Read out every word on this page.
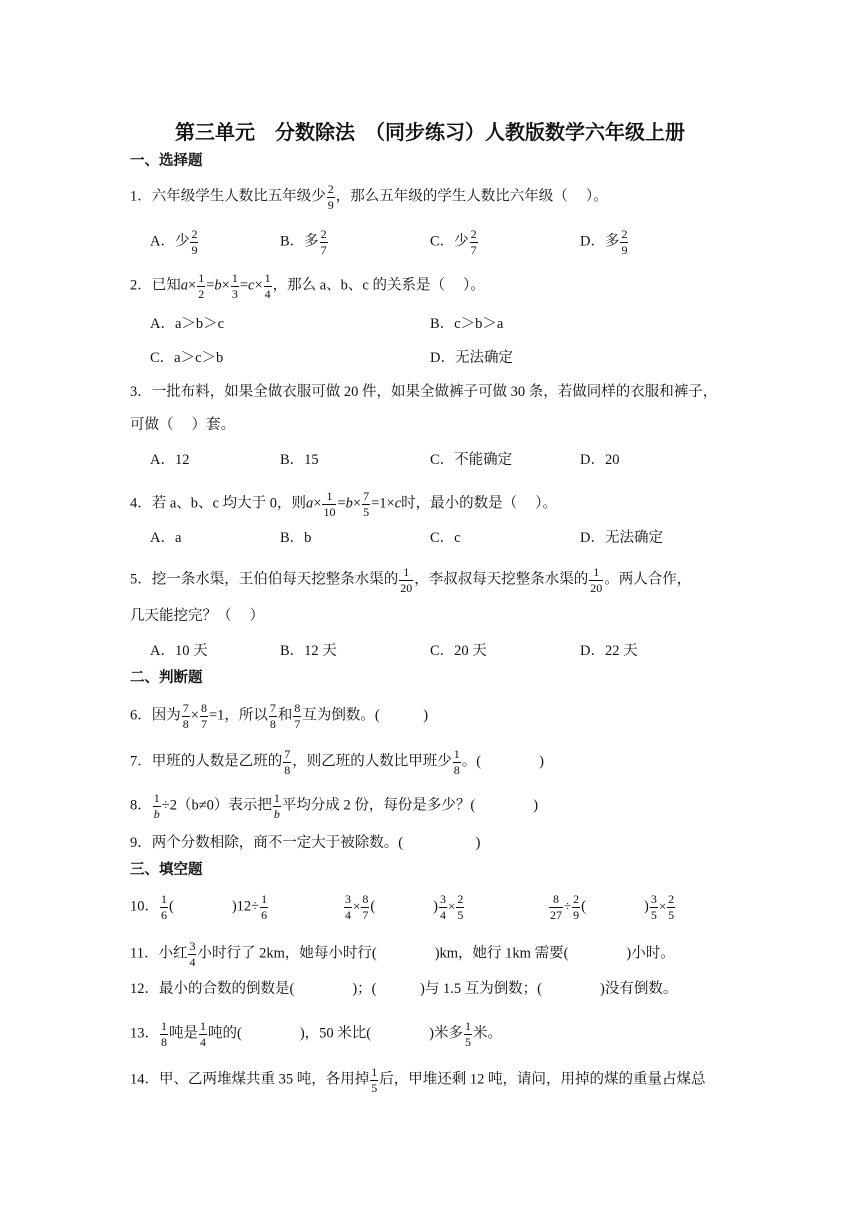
第三单元　分数除法　（同步练习）人教版数学六年级上册
一、选择题
1．六年级学生人数比五年级少 $\frac{2}{9}$ ，那么五年级的学生人数比六年级（　 ）。
A．少 $\frac{2}{9}$	B．多 $\frac{2}{7}$	C．少 $\frac{2}{7}$	D．多 $\frac{2}{9}$
2．已知$a\times \frac{1}{2} =b\times \frac{1}{3} =c\times \frac{1}{4}$ ，那么 a、b、c 的关系是（　 ）。
A．a＞b＞c	B．c＞b＞a
C．a＞c＞b	D．无法确定
3．一批布料，如果全做衣服可做 20 件，如果全做裤子可做 30 条，若做同样的衣服和裤子，
可做（　 ）套。
A．12	B．15	C．不能确定	D．20
4．若 a、b、c 均大于 0，则$a\times \frac{1}{10} =b\times \frac{7}{5} =1\times c$时，最小的数是（　 ）。
A．a	B．b	C．c	D．无法确定
5．挖一条水渠，王伯伯每天挖整条水渠的 $\frac{1}{20}$ ，李叔叔每天挖整条水渠的 $\frac{1}{20}$ 。两人合作，
几天能挖完？（　 ）
A．10 天	B．12 天	C．20 天	D．22 天
二、判断题
6．因为 $\frac{7}{8} \times \frac{8}{7} =1$，所以 $\frac{7}{8}$ 和 $\frac{8}{7}$ 互为倒数。(　　　)
7．甲班的人数是乙班的 $\frac{7}{8}$ ，则乙班的人数比甲班少 $\frac{1}{8}$ 。(　　　　)
8． $\frac{1}{b} \div 2(b\ne 0)$表示把 $\frac{1}{b}$ 平均分成 2 份，每份是多少？(　　　　)
9．两个分数相除，商不一定大于被除数。(　　　　　)
三、填空题
10． $\frac{1}{6}$ (　　　　)$12\div \frac{1}{6}$	$\frac{3}{4} \times \frac{8}{7}$ (　　　　) $\frac{3}{4} \times \frac{2}{5}$	$\frac{8}{27} \div \frac{2}{9}$ (　　　　) $\frac{3}{5} \times \frac{2}{5}$
11．小红 $\frac{3}{4}$ 小时行了 2km，她每小时行(　　　　)km，她行 1km 需要(　　　　)小时。
12．最小的合数的倒数是(　　　　)；(　　　)与 1.5 互为倒数；(　　　　)没有倒数。
13． $\frac{1}{8}$ 吨是 $\frac{1}{4}$ 吨的(　　　　)，50 米比(　　　　)米多 $\frac{1}{5}$ 米。
14．甲、乙两堆煤共重 35 吨，各用掉 $\frac{1}{5}$ 后，甲堆还剩 12 吨，请问，用掉的煤的重量占煤总
